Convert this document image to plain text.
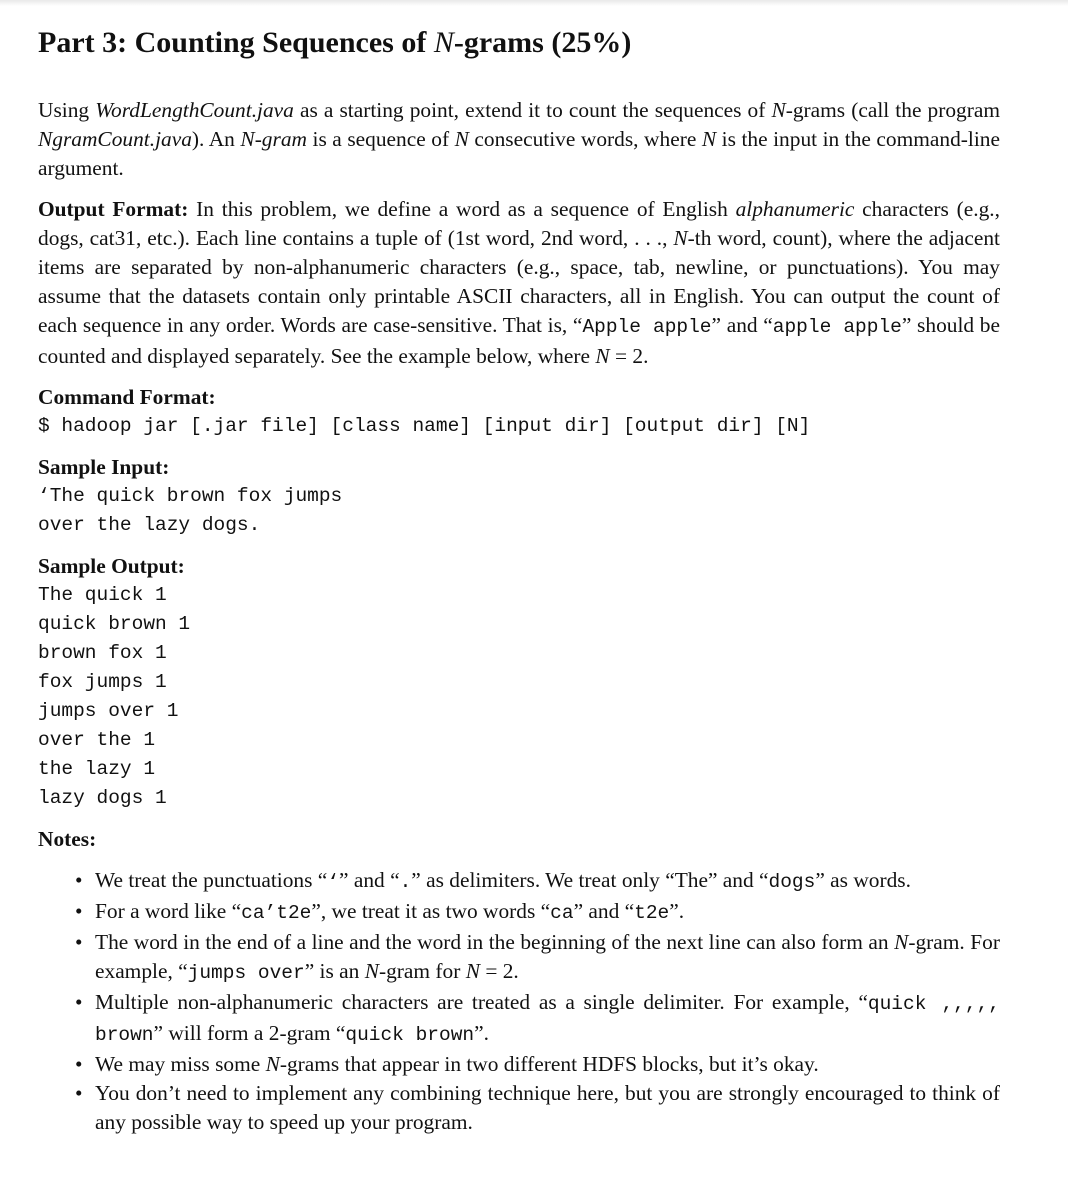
Part 3: Counting Sequences of N-grams (25%)

Using WordLengthCount.java as a starting point, extend it to count the sequences of N-grams (call the program NgramCount.java). An N-gram is a sequence of N consecutive words, where N is the input in the command-line argument.

Output Format: In this problem, we define a word as a sequence of English alphanumeric characters (e.g., dogs, cat31, etc.). Each line contains a tuple of (1st word, 2nd word, . . ., N-th word, count), where the adjacent items are separated by non-alphanumeric characters (e.g., space, tab, newline, or punctuations). You may assume that the datasets contain only printable ASCII characters, all in English. You can output the count of each sequence in any order. Words are case-sensitive. That is, “Apple apple” and “apple apple” should be counted and displayed separately. See the example below, where N = 2.

Command Format:

$ hadoop jar [.jar file] [class name] [input dir] [output dir] [N]

Sample Input:

‘The quick brown fox jumps

over the lazy dogs.

Sample Output:

The quick 1

quick brown 1

brown fox 1

fox jumps 1

jumps over 1

over the 1

the lazy 1

lazy dogs 1

Notes:

• We treat the punctuations “‘” and “.” as delimiters. We treat only “The” and “dogs” as words.
• For a word like “ca’t2e”, we treat it as two words “ca” and “t2e”.
• The word in the end of a line and the word in the beginning of the next line can also form an N-gram. For example, “jumps over” is an N-gram for N = 2.
• Multiple non-alphanumeric characters are treated as a single delimiter. For example, “quick ,,,,, brown” will form a 2-gram “quick brown”.
• We may miss some N-grams that appear in two different HDFS blocks, but it’s okay.
• You don’t need to implement any combining technique here, but you are strongly encouraged to think of any possible way to speed up your program.
